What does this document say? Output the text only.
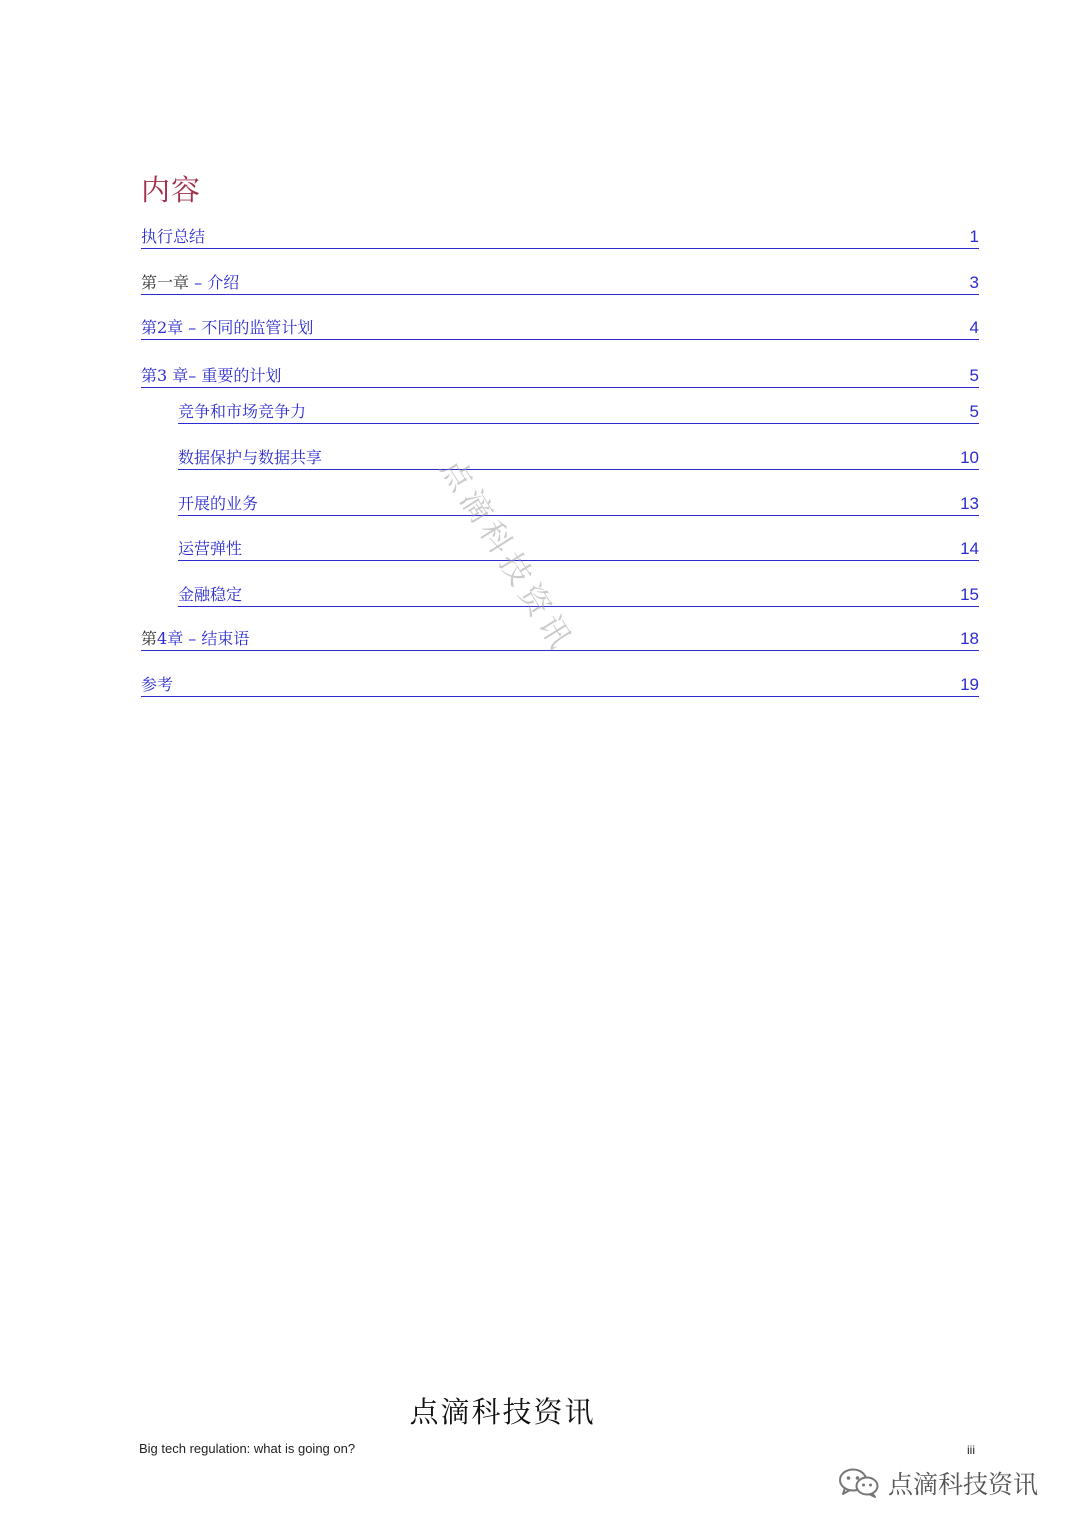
内容
执行总结	1
第一章 – 介绍	3
第2章 – 不同的监管计划	4
第3 章– 重要的计划	5
竞争和市场竞争力	5
数据保护与数据共享	10
开展的业务	13
运营弹性	14
金融稳定	15
第4章 – 结束语	18
参考	19
点滴科技资讯
点滴科技资讯
Big tech regulation: what is going on?	iii
点滴科技资讯
